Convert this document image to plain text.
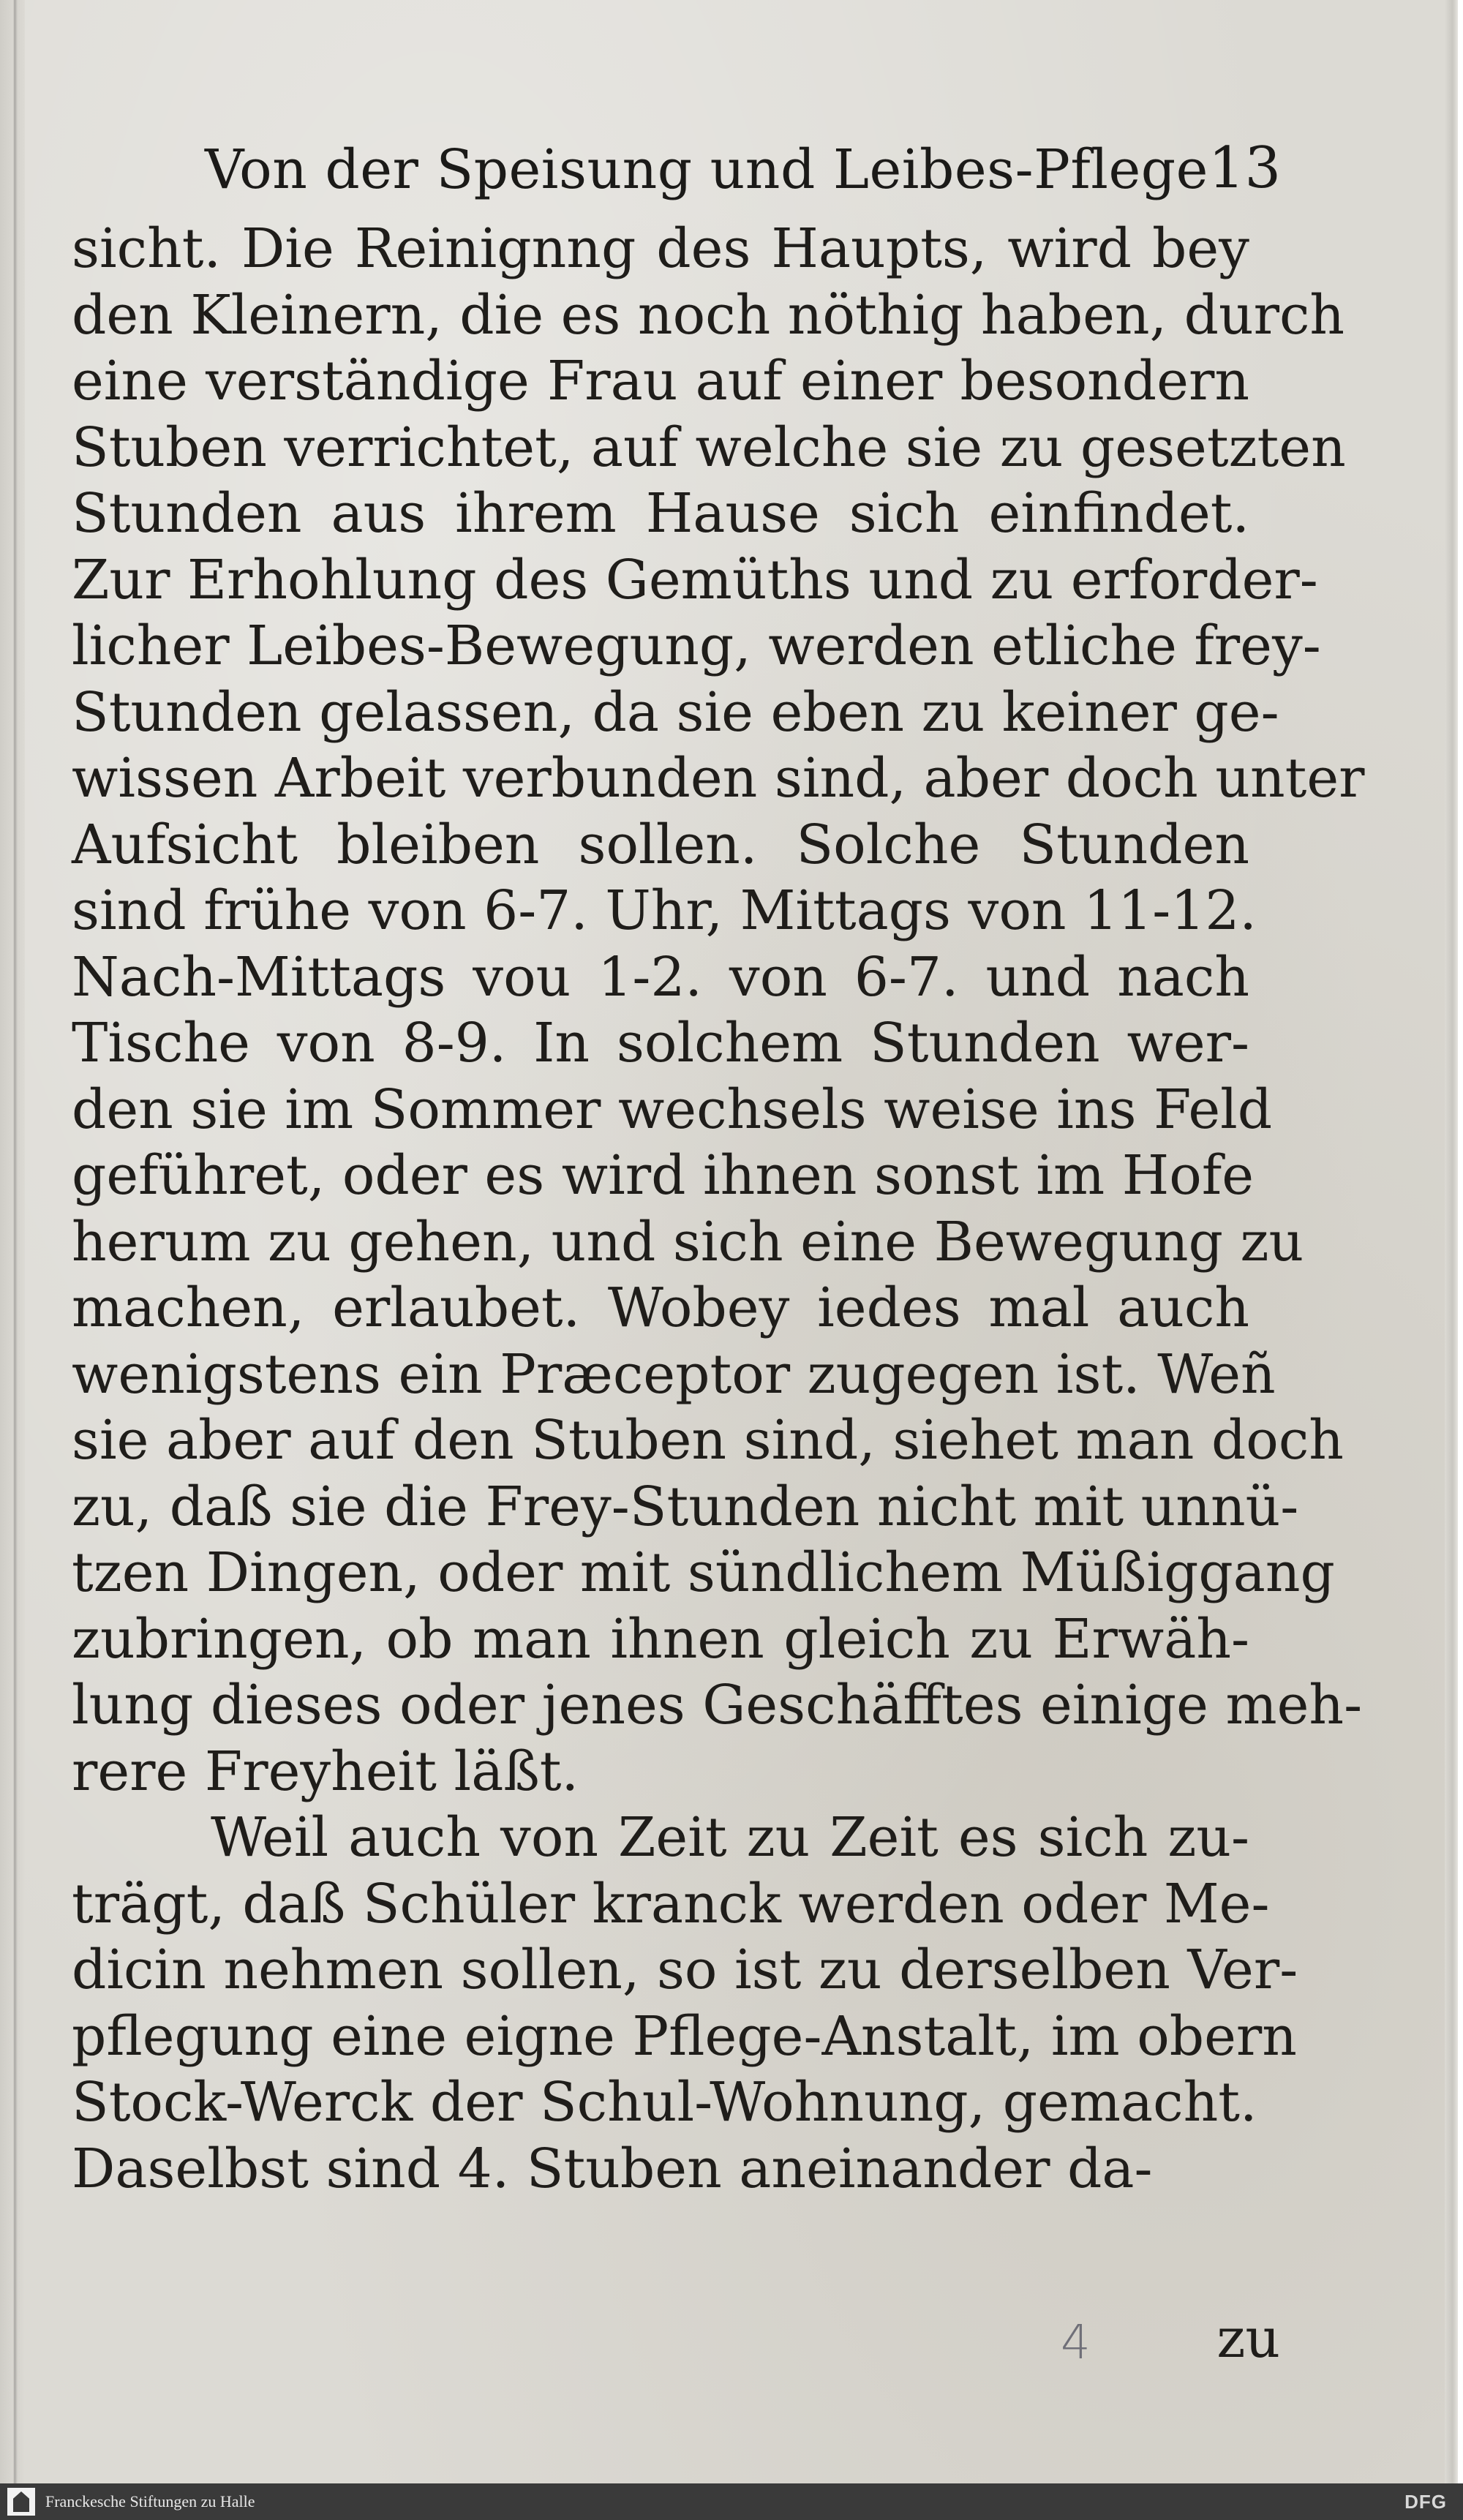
Von der Speisung und Leibes-Pflege 13
sicht. Die Reinignng des Haupts, wird bey
den Kleinern, die es noch nöthig haben, durch
eine verständige Frau auf einer besondern
Stuben verrichtet, auf welche sie zu gesetzten
Stunden aus ihrem Hause sich einfindet.
Zur Erhohlung des Gemüths und zu erforder-
licher Leibes-Bewegung, werden etliche frey-
Stunden gelassen, da sie eben zu keiner ge-
wissen Arbeit verbunden sind, aber doch unter
Aufsicht bleiben sollen. Solche Stunden
sind frühe von 6-7. Uhr, Mittags von 11-12.
Nach-Mittags vou 1-2. von 6-7. und nach
Tische von 8-9. In solchem Stunden wer-
den sie im Sommer wechsels weise ins Feld
geführet, oder es wird ihnen sonst im Hofe
herum zu gehen, und sich eine Bewegung zu
machen, erlaubet. Wobey iedes mal auch
wenigstens ein Præceptor zugegen ist. Weñ
sie aber auf den Stuben sind, siehet man doch
zu, daß sie die Frey-Stunden nicht mit unnü-
tzen Dingen, oder mit sündlichem Müßiggang
zubringen, ob man ihnen gleich zu Erwäh-
lung dieses oder jenes Geschäfftes einige meh-
rere Freyheit läßt.
Weil auch von Zeit zu Zeit es sich zu-
trägt, daß Schüler kranck werden oder Me-
dicin nehmen sollen, so ist zu derselben Ver-
pflegung eine eigne Pflege-Anstalt, im obern
Stock-Werck der Schul-Wohnung, gemacht.
Daselbst sind 4. Stuben aneinander da-
4 zu
Franckesche Stiftungen zu Halle	DFG
